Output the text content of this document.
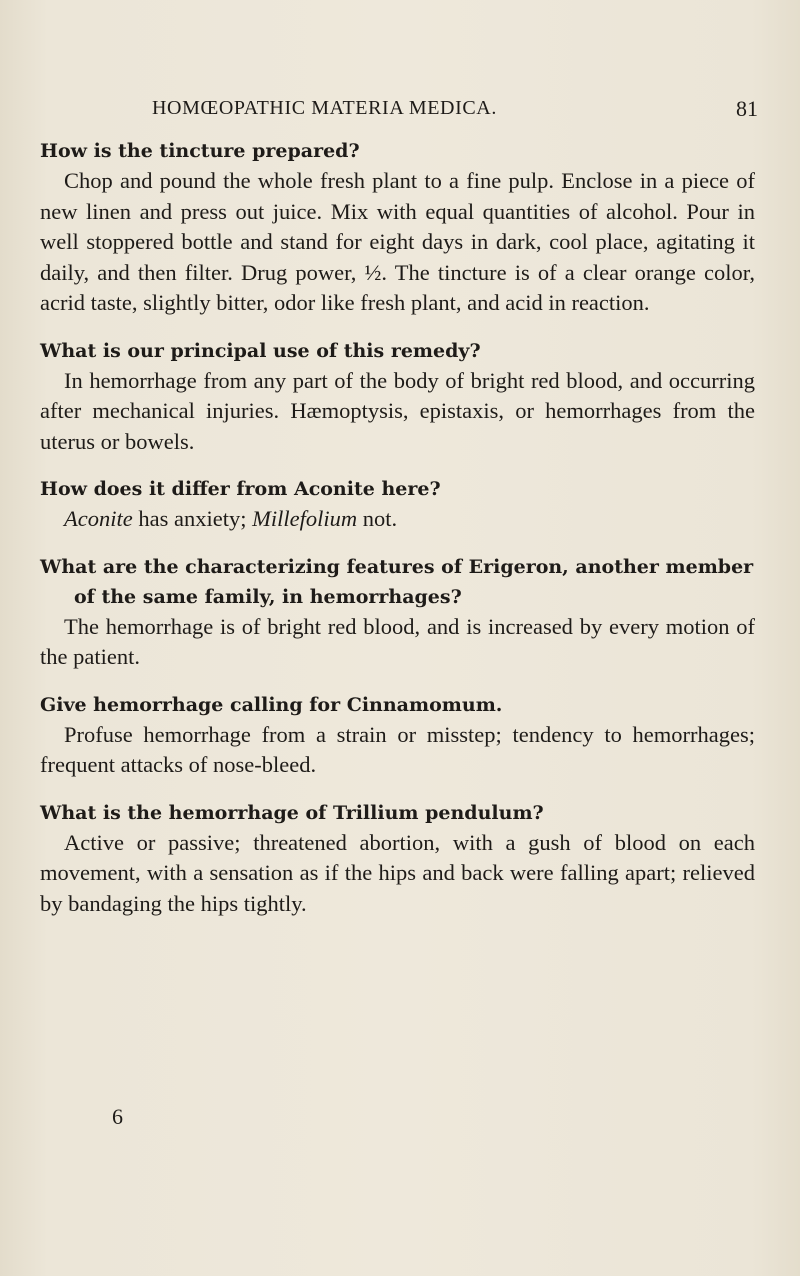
HOMŒOPATHIC MATERIA MEDICA.	81

How is the tincture prepared?

Chop and pound the whole fresh plant to a fine pulp. Enclose in a piece of new linen and press out juice. Mix with equal quantities of alcohol. Pour in well stoppered bottle and stand for eight days in dark, cool place, agitating it daily, and then filter. Drug power, ½. The tincture is of a clear orange color, acrid taste, slightly bitter, odor like fresh plant, and acid in reaction.

What is our principal use of this remedy?

In hemorrhage from any part of the body of bright red blood, and occurring after mechanical injuries. Hæmoptysis, epistaxis, or hemorrhages from the uterus or bowels.

How does it differ from Aconite here?

Aconite has anxiety; Millefolium not.

What are the characterizing features of Erigeron, another member of the same family, in hemorrhages?

The hemorrhage is of bright red blood, and is increased by every motion of the patient.

Give hemorrhage calling for Cinnamomum.

Profuse hemorrhage from a strain or misstep; tendency to hemorrhages; frequent attacks of nose-bleed.

What is the hemorrhage of Trillium pendulum?

Active or passive; threatened abortion, with a gush of blood on each movement, with a sensation as if the hips and back were falling apart; relieved by bandaging the hips tightly.

6
